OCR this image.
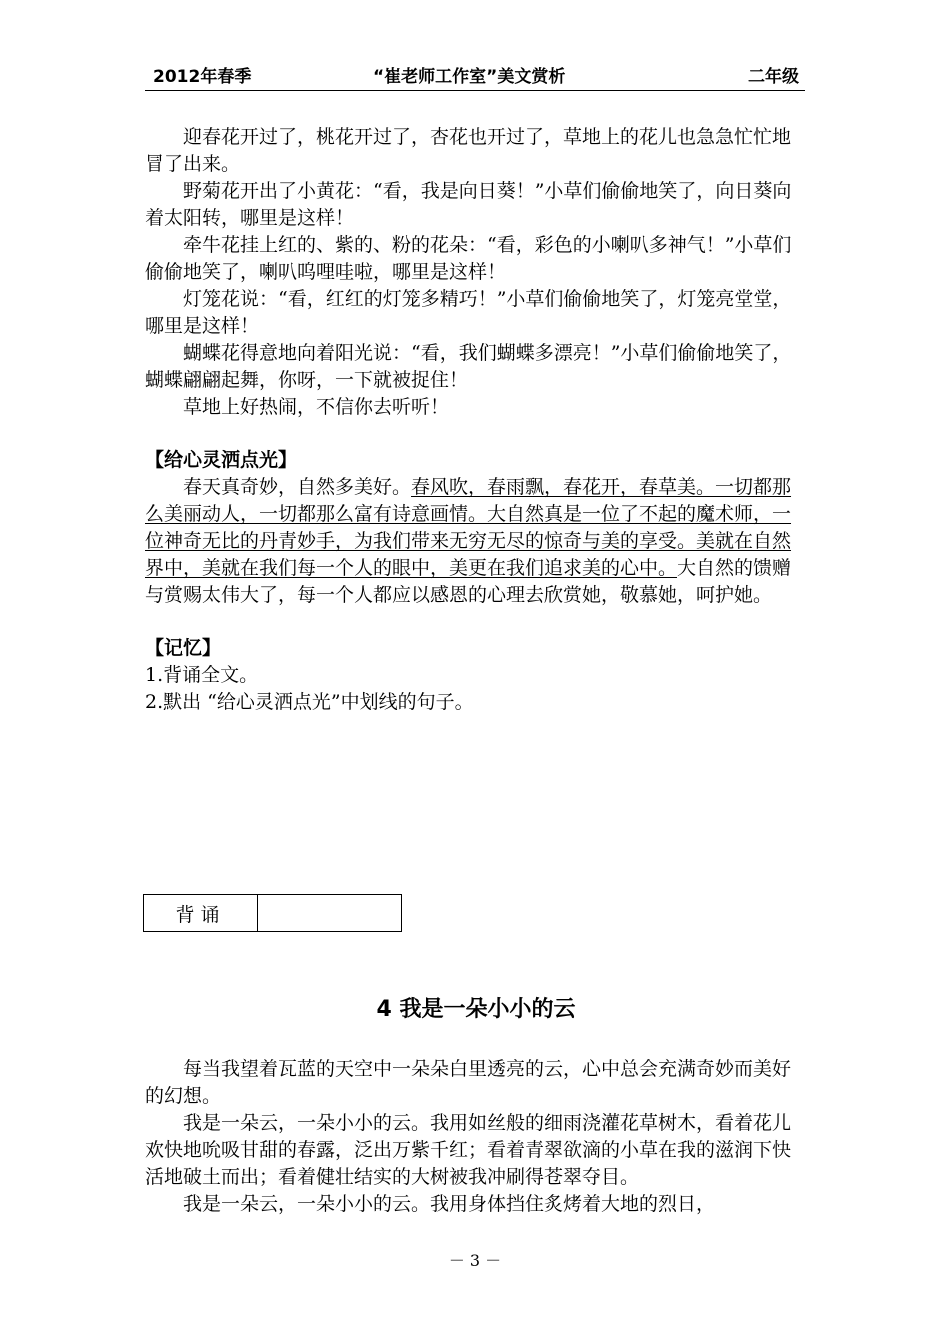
2012年春季	“崔老师工作室”美文赏析	二年级

迎春花开过了，桃花开过了，杏花也开过了，草地上的花儿也急急忙忙地冒了出来。

野菊花开出了小黄花：“看，我是向日葵！”小草们偷偷地笑了，向日葵向着太阳转，哪里是这样！

牵牛花挂上红的、紫的、粉的花朵：“看，彩色的小喇叭多神气！”小草们偷偷地笑了，喇叭呜哩哇啦，哪里是这样！

灯笼花说：“看，红红的灯笼多精巧！”小草们偷偷地笑了，灯笼亮堂堂，哪里是这样！

蝴蝶花得意地向着阳光说：“看，我们蝴蝶多漂亮！”小草们偷偷地笑了，蝴蝶翩翩起舞，你呀，一下就被捉住！

草地上好热闹，不信你去听听！

【给心灵洒点光】

春天真奇妙，自然多美好。春风吹，春雨飘，春花开，春草美。一切都那么美丽动人，一切都那么富有诗意画情。大自然真是一位了不起的魔术师，一位神奇无比的丹青妙手，为我们带来无穷无尽的惊奇与美的享受。美就在自然界中，美就在我们每一个人的眼中，美更在我们追求美的心中。大自然的馈赠与赏赐太伟大了，每一个人都应以感恩的心理去欣赏她，敬慕她，呵护她。

【记忆】

1.背诵全文。

2.默出 “给心灵洒点光”中划线的句子。

背诵	
4 我是一朵小小的云

每当我望着瓦蓝的天空中一朵朵白里透亮的云，心中总会充满奇妙而美好的幻想。

我是一朵云，一朵小小的云。我用如丝般的细雨浇灌花草树木，看着花儿欢快地吮吸甘甜的春露，泛出万紫千红；看着青翠欲滴的小草在我的滋润下快活地破土而出；看着健壮结实的大树被我冲刷得苍翠夺目。

我是一朵云，一朵小小的云。我用身体挡住炙烤着大地的烈日，

－ 3 －
